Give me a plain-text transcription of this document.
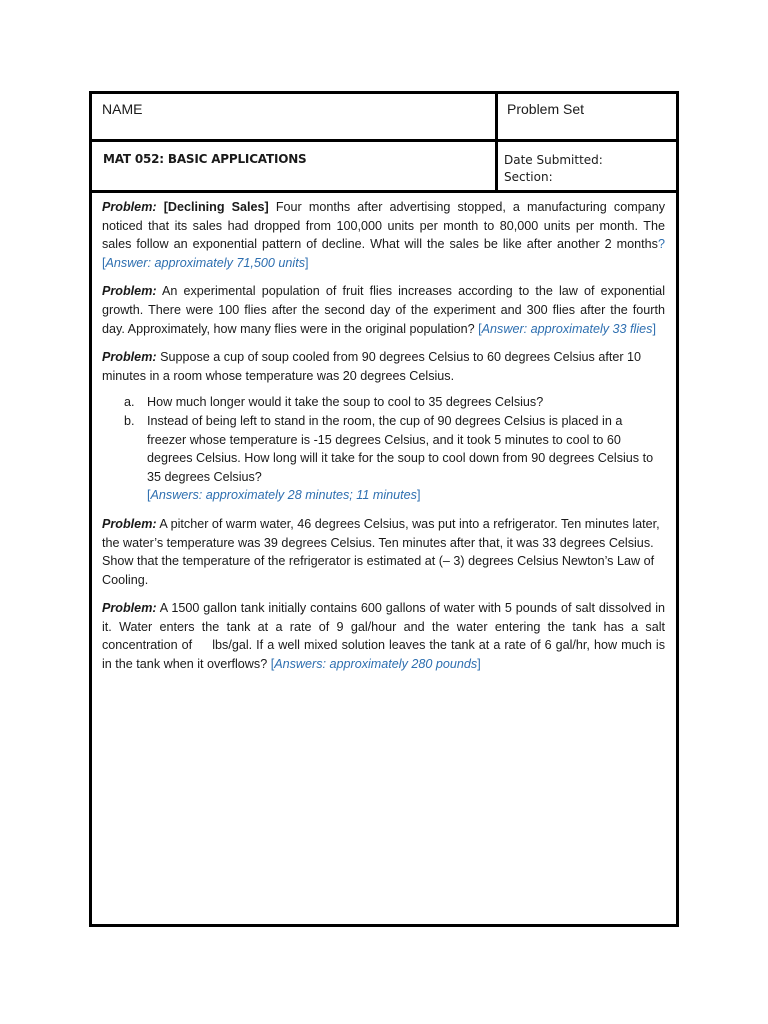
NAME	Problem Set
MAT 052: BASIC APPLICATIONS	Date Submitted:
Section:

Problem: [Declining Sales] Four months after advertising stopped, a manufacturing company noticed that its sales had dropped from 100,000 units per month to 80,000 units per month. The sales follow an exponential pattern of decline. What will the sales be like after another 2 months? [Answer: approximately 71,500 units]

Problem: An experimental population of fruit flies increases according to the law of exponential growth. There were 100 flies after the second day of the experiment and 300 flies after the fourth day. Approximately, how many flies were in the original population? [Answer: approximately 33 flies]

Problem: Suppose a cup of soup cooled from 90 degrees Celsius to 60 degrees Celsius after 10 minutes in a room whose temperature was 20 degrees Celsius.

a. How much longer would it take the soup to cool to 35 degrees Celsius?
b. Instead of being left to stand in the room, the cup of 90 degrees Celsius is placed in a freezer whose temperature is -15 degrees Celsius, and it took 5 minutes to cool to 60 degrees Celsius. How long will it take for the soup to cool down from 90 degrees Celsius to 35 degrees Celsius?
[Answers: approximately 28 minutes; 11 minutes]

Problem: A pitcher of warm water, 46 degrees Celsius, was put into a refrigerator. Ten minutes later, the water’s temperature was 39 degrees Celsius. Ten minutes after that, it was 33 degrees Celsius. Show that the temperature of the refrigerator is estimated at (– 3) degrees Celsius Newton’s Law of Cooling.

Problem: A 1500 gallon tank initially contains 600 gallons of water with 5 pounds of salt dissolved in it. Water enters the tank at a rate of 9 gal/hour and the water entering the tank has a salt concentration of     lbs/gal. If a well mixed solution leaves the tank at a rate of 6 gal/hr, how much is in the tank when it overflows? [Answers: approximately 280 pounds]
